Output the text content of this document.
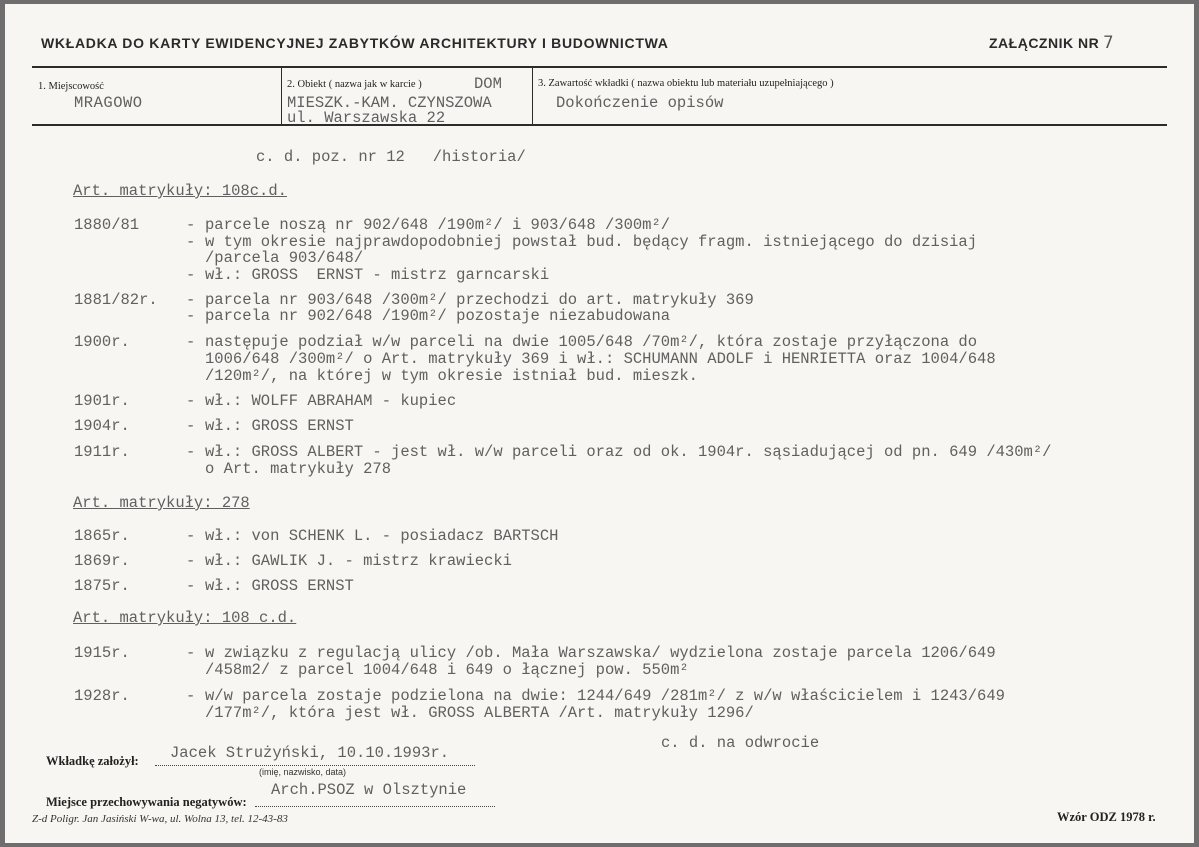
WKŁADKA DO KARTY EWIDENCYJNEJ ZABYTKÓW ARCHITEKTURY I BUDOWNICTWA	ZAŁĄCZNIK NR 7
1. Miejscowość
MRAGOWO
2. Obiekt ( nazwa jak w karcie )	DOM
MIESZK.-KAM. CZYNSZOWA
ul. Warszawska 22
3. Zawartość wkładki ( nazwa obiektu lub materiału uzupełniającego )
Dokończenie opisów
c. d. poz. nr 12   /historia/
Art. matrykuły: 108c.d.
1880/81	- parcele noszą nr 902/648 /190m²/ i 903/648 /300m²/
- w tym okresie najprawdopodobniej powstał bud. będący fragm. istniejącego do dzisiaj
/parcela 903/648/
- wł.: GROSS  ERNST - mistrz garncarski
1881/82r. - parcela nr 903/648 /300m²/ przechodzi do art. matrykuły 369
- parcela nr 902/648 /190m²/ pozostaje niezabudowana
1900r.	- następuje podział w/w parceli na dwie 1005/648 /70m²/, która zostaje przyłączona do
1006/648 /300m²/ o Art. matrykuły 369 i wł.: SCHUMANN ADOLF i HENRIETTA oraz 1004/648
/120m²/, na której w tym okresie istniał bud. mieszk.
1901r.	- wł.: WOLFF ABRAHAM - kupiec
1904r.	- wł.: GROSS ERNST
1911r.	- wł.: GROSS ALBERT - jest wł. w/w parceli oraz od ok. 1904r. sąsiadującej od pn. 649 /430m²/
o Art. matrykuły 278
Art. matrykuły: 278
1865r.	- wł.: von SCHENK L. - posiadacz BARTSCH
1869r.	- wł.: GAWLIK J. - mistrz krawiecki
1875r.	- wł.: GROSS ERNST
Art. matrykuły: 108 c.d.
1915r.	- w związku z regulacją ulicy /ob. Mała Warszawska/ wydzielona zostaje parcela 1206/649
/458m2/ z parcel 1004/648 i 649 o łącznej pow. 550m²
1928r.	- w/w parcela zostaje podzielona na dwie: 1244/649 /281m²/ z w/w właścicielem i 1243/649
/177m²/, która jest wł. GROSS ALBERTA /Art. matrykuły 1296/
c. d. na odwrocie
Wkładkę założył: Jacek Strużyński, 10.10.1993r.
(imię, nazwisko, data)
Miejsce przechowywania negatywów:
Arch.PSOZ w Olsztynie
Z-d Poligr. Jan Jasiński W-wa, ul. Wolna 13, tel. 12-43-83	Wzór ODZ 1978 r.
